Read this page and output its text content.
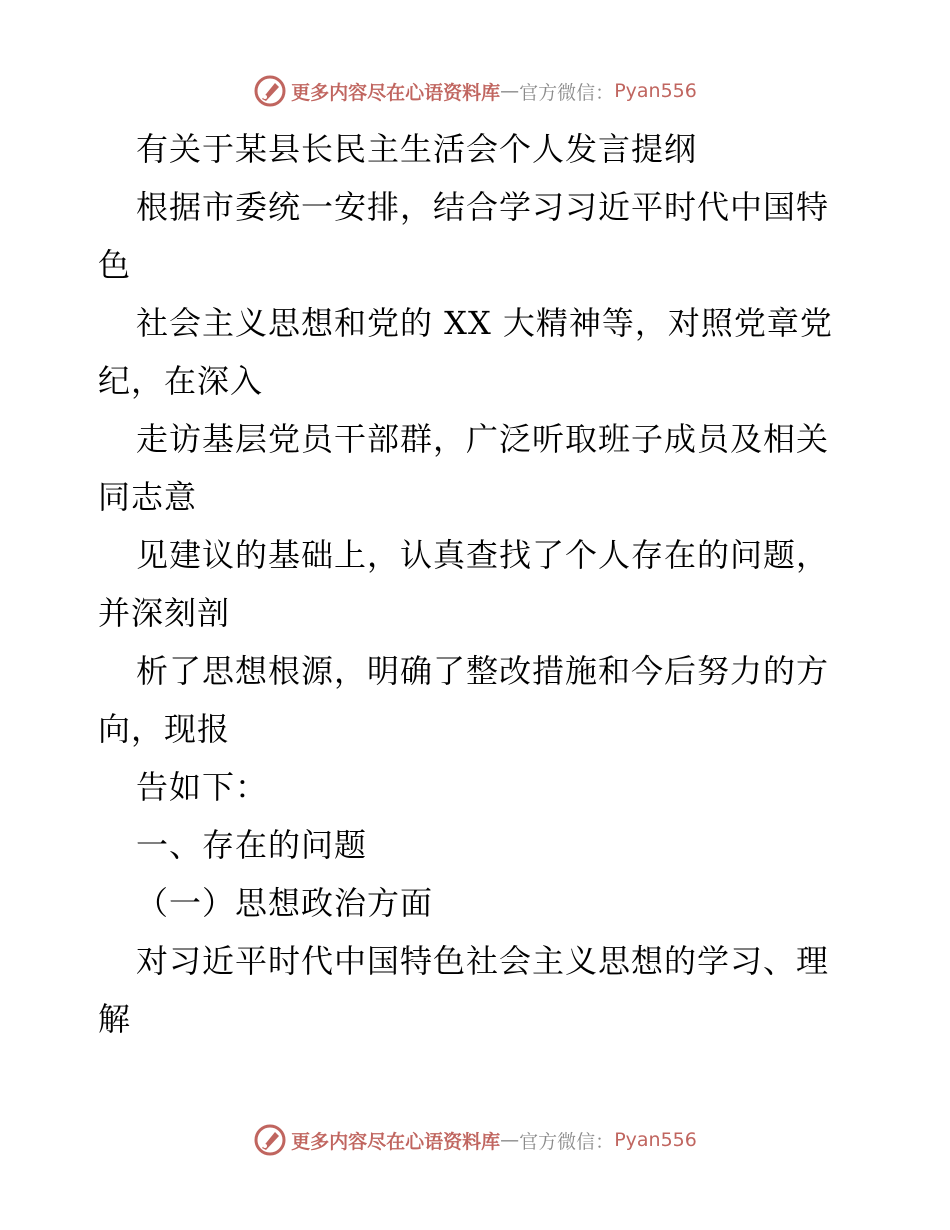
更多内容尽在心语资料库 — 官方微信： Pyan556
有关于某县长民主生活会个人发言提纲
根据市委统一安排，结合学习习近平时代中国特
色
社会主义思想和党的 XX 大精神等，对照党章党
纪，在深入
走访基层党员干部群，广泛听取班子成员及相关
同志意
见建议的基础上，认真查找了个人存在的问题，
并深刻剖
析了思想根源，明确了整改措施和今后努力的方
向，现报
告如下：
一、存在的问题
（一）思想政治方面
对习近平时代中国特色社会主义思想的学习、理
解
更多内容尽在心语资料库 — 官方微信： Pyan556
